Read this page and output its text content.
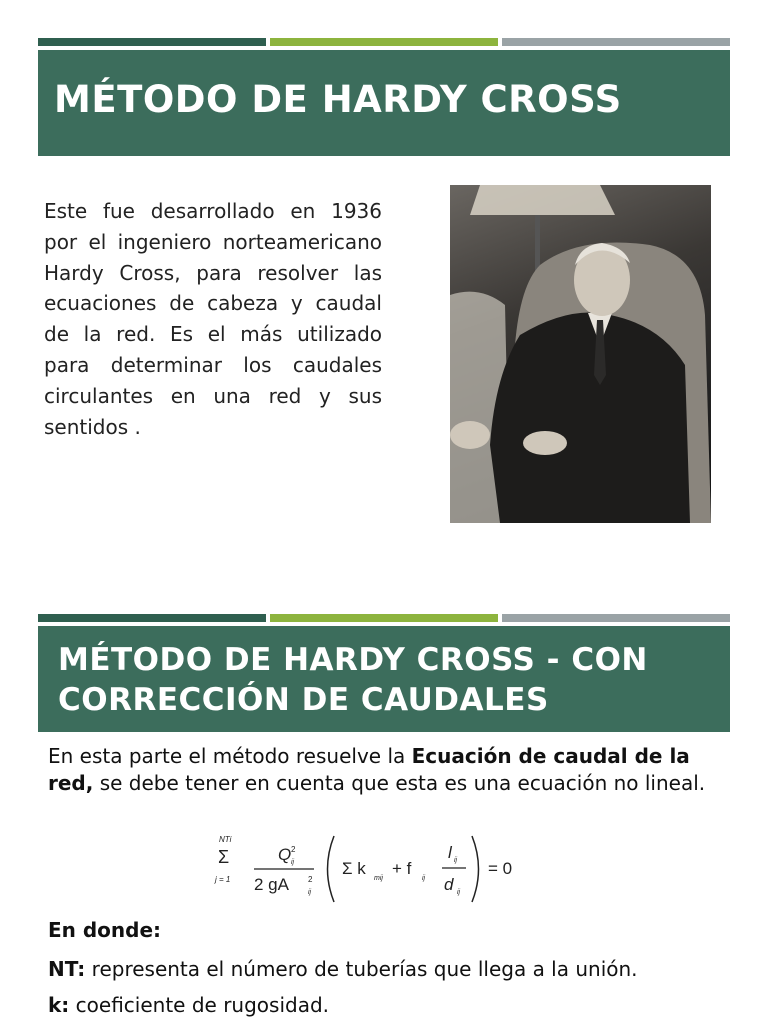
MÉTODO DE HARDY CROSS
Este fue desarrollado en 1936 por el ingeniero norteamericano Hardy Cross, para resolver las ecuaciones de cabeza y caudal de la red. Es el más utilizado para determinar los caudales circulantes en una red y sus sentidos .
MÉTODO DE HARDY CROSS - CON
CORRECCIÓN DE CAUDALES
En esta parte el método resuelve la Ecuación de caudal de la red, se debe tener en cuenta que esta es una ecuación no lineal.
NTi
Σ
j = 1
Q 2
ij
2 gA 2
ij
Σ k
mij
+ f
ij
l ij
d ij
= 0
En donde:
NT: representa el número de tuberías que llega a la unión.
k: coeficiente de rugosidad.
